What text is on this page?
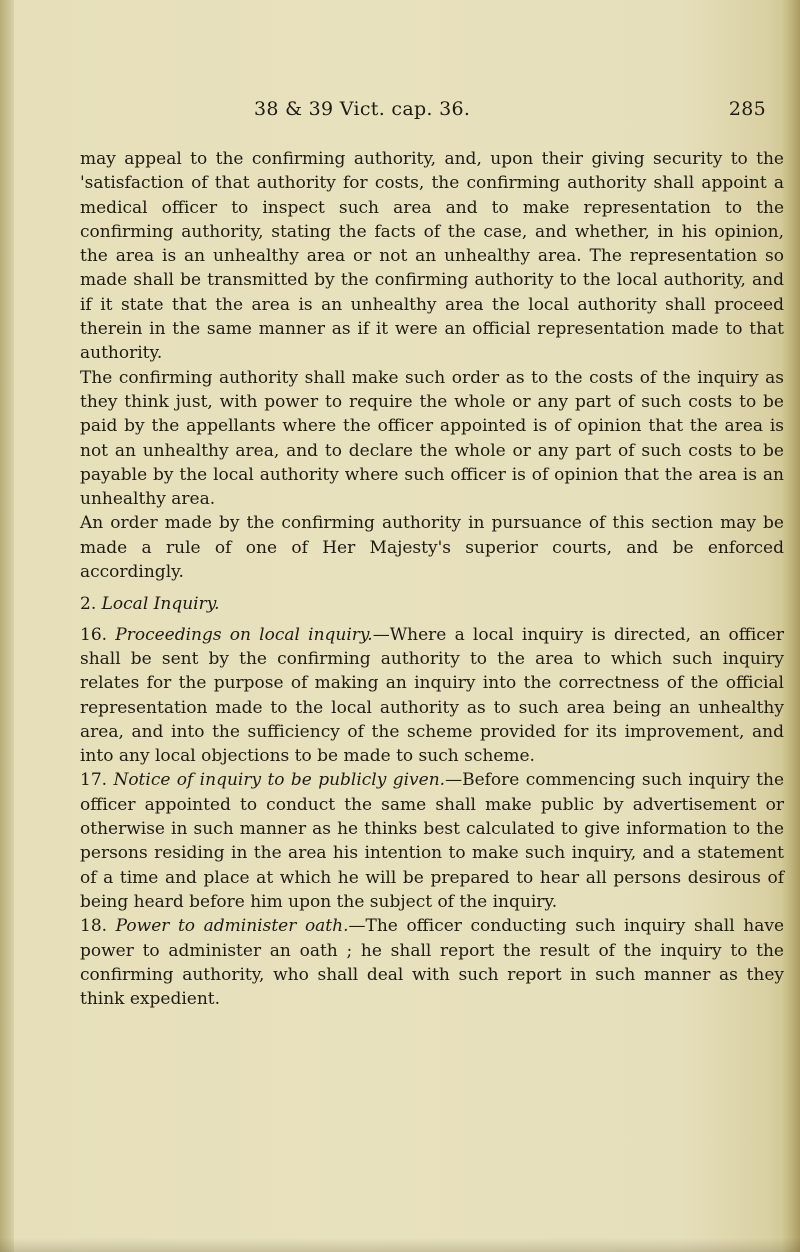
38 & 39 Vict. cap. 36.	285

may appeal to the confirming authority, and, upon their giving security to the 'satisfaction of that authority for costs, the confirming authority shall appoint a medical officer to inspect such area and to make representation to the confirming authority, stating the facts of the case, and whether, in his opinion, the area is an unhealthy area or not an unhealthy area. The representation so made shall be transmitted by the confirming authority to the local authority, and if it state that the area is an unhealthy area the local authority shall proceed therein in the same manner as if it were an official representation made to that authority.

The confirming authority shall make such order as to the costs of the inquiry as they think just, with power to require the whole or any part of such costs to be paid by the appellants where the officer appointed is of opinion that the area is not an unhealthy area, and to declare the whole or any part of such costs to be payable by the local authority where such officer is of opinion that the area is an unhealthy area.

An order made by the confirming authority in pursuance of this section may be made a rule of one of Her Majesty's superior courts, and be enforced accordingly.

2. Local Inquiry.

16. Proceedings on local inquiry.—Where a local inquiry is directed, an officer shall be sent by the confirming authority to the area to which such inquiry relates for the purpose of making an inquiry into the correctness of the official representation made to the local authority as to such area being an unhealthy area, and into the sufficiency of the scheme provided for its improvement, and into any local objections to be made to such scheme.

17. Notice of inquiry to be publicly given.—Before commencing such inquiry the officer appointed to conduct the same shall make public by advertisement or otherwise in such manner as he thinks best calculated to give information to the persons residing in the area his intention to make such inquiry, and a statement of a time and place at which he will be prepared to hear all persons desirous of being heard before him upon the subject of the inquiry.

18. Power to administer oath.—The officer conducting such inquiry shall have power to administer an oath ; he shall report the result of the inquiry to the confirming authority, who shall deal with such report in such manner as they think expedient.
